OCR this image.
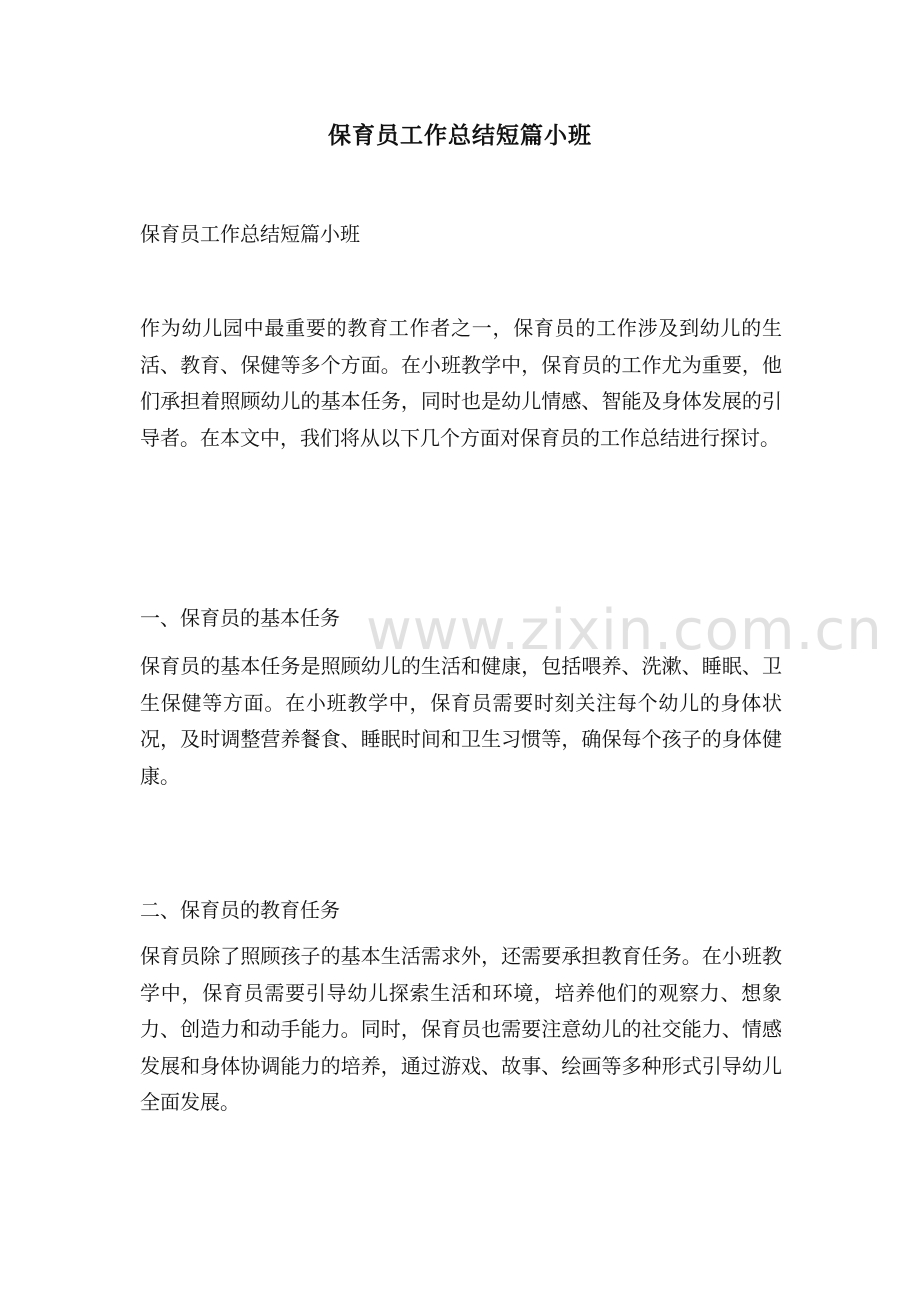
保育员工作总结短篇小班
保育员工作总结短篇小班
作为幼儿园中最重要的教育工作者之一，保育员的工作涉及到幼儿的生活、教育、保健等多个方面。在小班教学中，保育员的工作尤为重要，他们承担着照顾幼儿的基本任务，同时也是幼儿情感、智能及身体发展的引导者。在本文中，我们将从以下几个方面对保育员的工作总结进行探讨。
一、保育员的基本任务
保育员的基本任务是照顾幼儿的生活和健康，包括喂养、洗漱、睡眠、卫生保健等方面。在小班教学中，保育员需要时刻关注每个幼儿的身体状况，及时调整营养餐食、睡眠时间和卫生习惯等，确保每个孩子的身体健康。
二、保育员的教育任务
保育员除了照顾孩子的基本生活需求外，还需要承担教育任务。在小班教学中，保育员需要引导幼儿探索生活和环境，培养他们的观察力、想象力、创造力和动手能力。同时，保育员也需要注意幼儿的社交能力、情感发展和身体协调能力的培养，通过游戏、故事、绘画等多种形式引导幼儿全面发展。
www.zixin.com.cn
